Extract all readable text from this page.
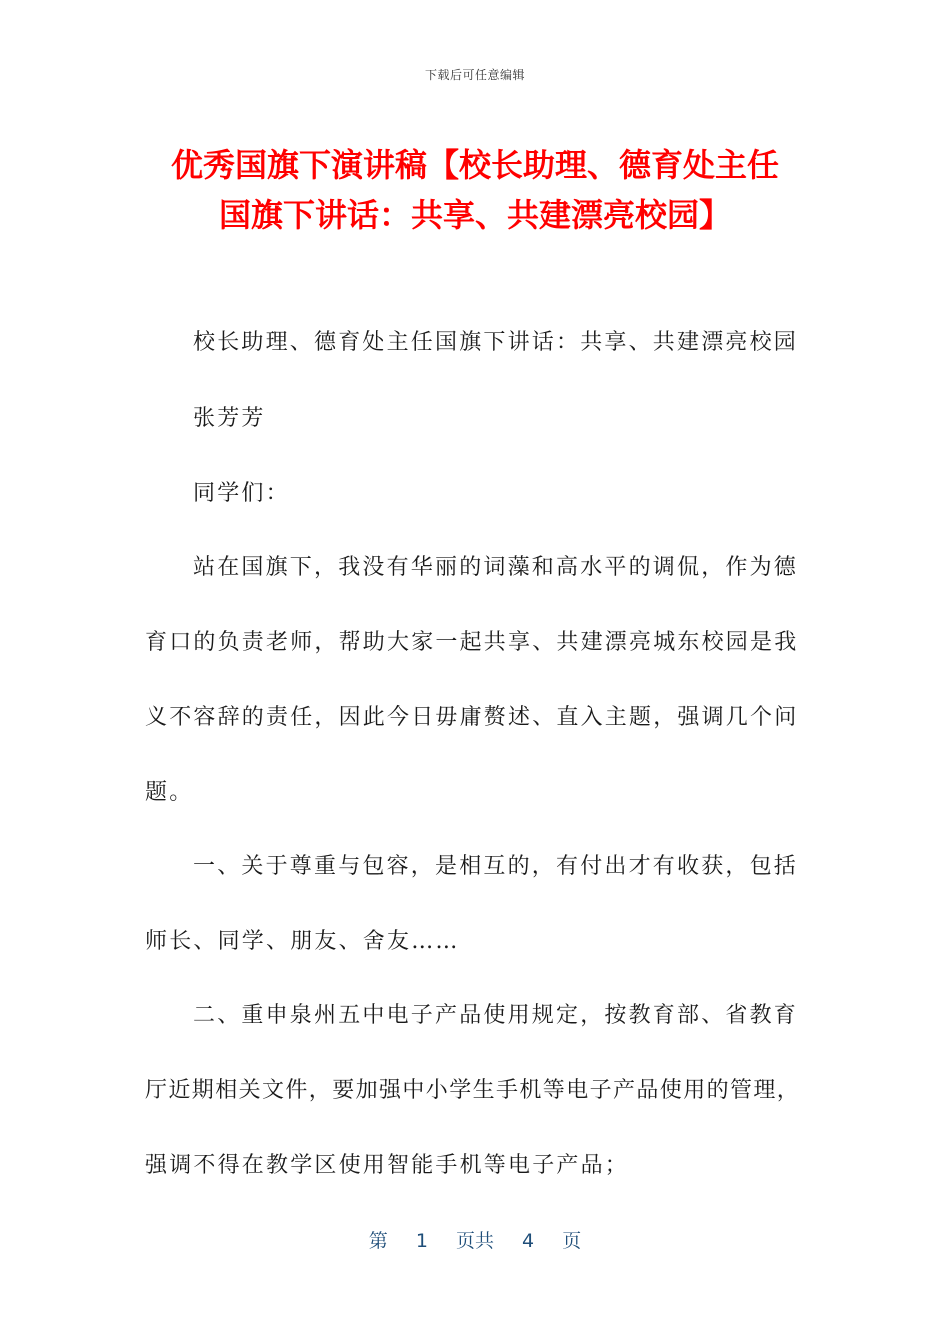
下载后可任意编辑
优秀国旗下演讲稿【校长助理、德育处主任
国旗下讲话：共享、共建漂亮校园】
校长助理、德育处主任国旗下讲话：共享、共建漂亮校园
张芳芳
同学们：
站在国旗下，我没有华丽的词藻和高水平的调侃，作为德
育口的负责老师，帮助大家一起共享、共建漂亮城东校园是我
义不容辞的责任，因此今日毋庸赘述、直入主题，强调几个问
题。
一、关于尊重与包容，是相互的，有付出才有收获，包括
师长、同学、朋友、舍友……
二、重申泉州五中电子产品使用规定，按教育部、省教育
厅近期相关文件，要加强中小学生手机等电子产品使用的管理，
强调不得在教学区使用智能手机等电子产品；
第 1 页共 4 页
